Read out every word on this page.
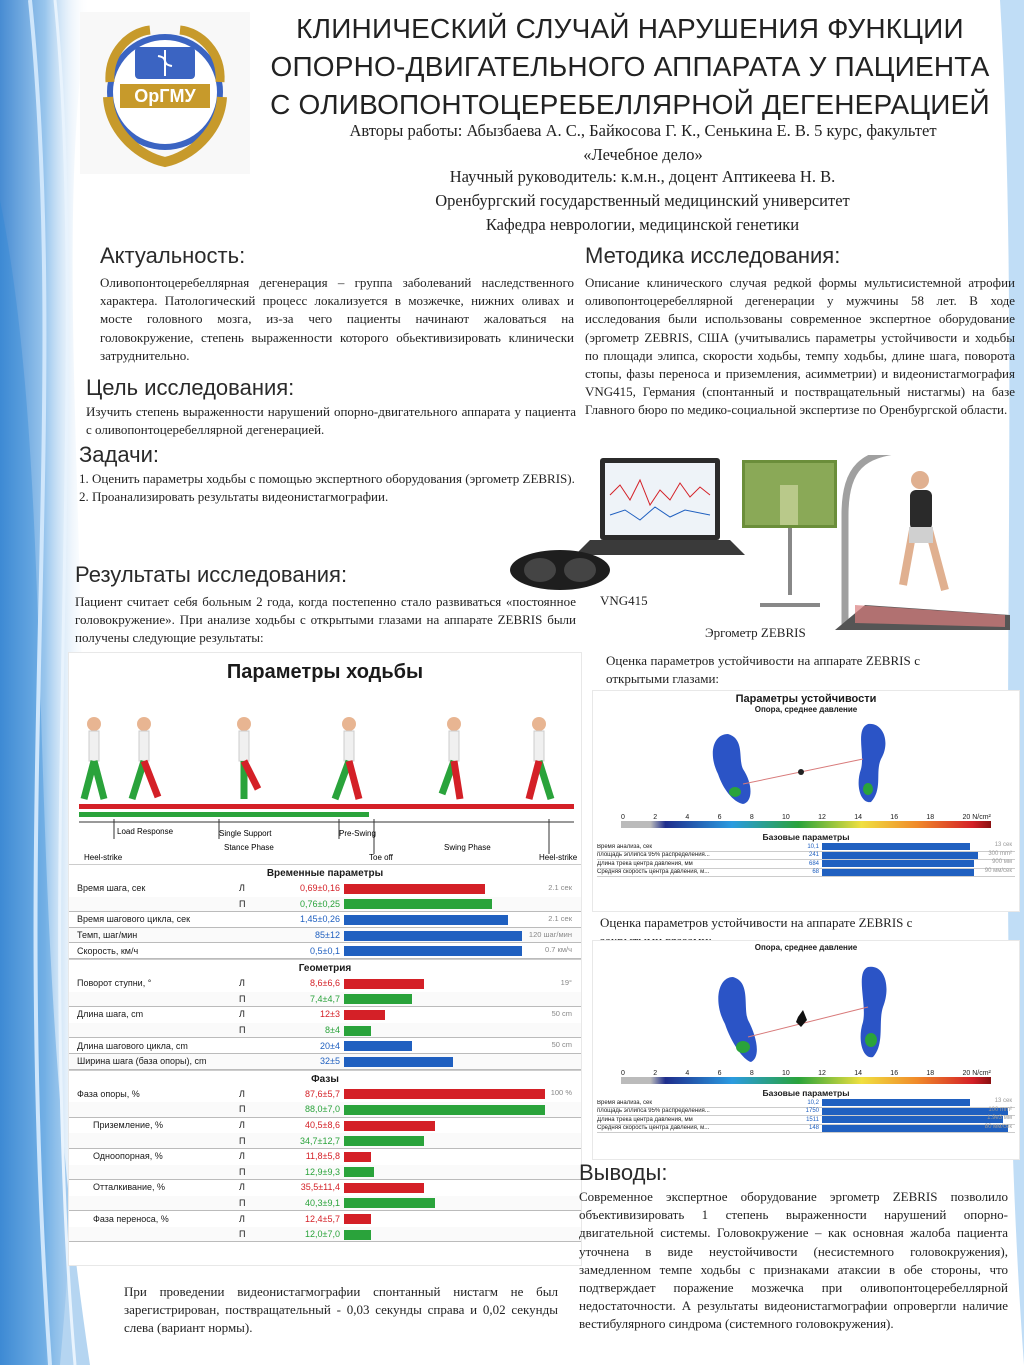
ОрГМУ
КЛИНИЧЕСКИЙ СЛУЧАЙ НАРУШЕНИЯ ФУНКЦИИ
ОПОРНО-ДВИГАТЕЛЬНОГО АППАРАТА У ПАЦИЕНТА
С ОЛИВОПОНТОЦЕРЕБЕЛЛЯРНОЙ ДЕГЕНЕРАЦИЕЙ
Авторы работы: Абызбаева А. С., Байкосова Г. К., Сенькина Е. В. 5 курс, факультет
«Лечебное дело»
Научный руководитель: к.м.н., доцент Аптикеева Н. В.
Оренбургский государственный медицинский университет
Кафедра неврологии, медицинской генетики
Актуальность:
Оливопонтоцеребеллярная дегенерация – группа заболеваний наследственного характера. Патологический процесс локализуется в мозжечке, нижних оливах и мосте головного мозга, из-за чего пациенты начинают жаловаться на головокружение, степень выраженности которого обьективизировать клинически затруднительно.
Цель исследования:
Изучить степень выраженности нарушений опорно-двигательного аппарата у пациента с оливопонтоцеребеллярной дегенерацией.
Задачи:
1. Оценить параметры ходьбы с помощью экспертного оборудования (эргометр ZEBRIS).
2. Проанализировать результаты видеонистагмографии.
Методика исследования:
Описание клинического случая редкой формы мультисистемной атрофии оливопонтоцеребеллярной дегенерации у мужчины 58 лет. В ходе исследования были использованы современное экспертное оборудование (эргометр ZEBRIS, США (учитывались параметры устойчивости и ходьбы по площади элипса, скорости ходьбы, темпу ходьбы, длине шага, поворота стопы, фазы переноса и приземления, асимметрии) и видеонистагмография VNG415, Германия (спонтанный и поствращательный нистагмы) на базе Главного бюро по медико-социальной экспертизе по Оренбургской области.
VNG415
Эргометр ZEBRIS
Результаты исследования:
Пациент считает себя больным 2 года, когда постепенно стало развиваться «постоянное головокружение». При анализе ходьбы с открытыми глазами на аппарате ZEBRIS были получены следующие результаты:
Параметры ходьбы
Load Response	Single Support	Pre-Swing
Stance Phase	Swing Phase
Heel-strike	Toe off	Heel-strike
Временные параметры
Время шага, сек	Л	0,69±0,16	2.1 сек
П	0,76±0,25
Время шагового цикла, сек	1,45±0,26	2.1 сек
Темп, шаг/мин	85±12	120 шаг/мин
Скорость, км/ч	0,5±0,1	0.7 км/ч
Геометрия
Поворот ступни, °	Л	8,6±6,6	19°
П	7,4±4,7
Длина шага, cm	Л	12±3	50 cm
П	8±4
Длина шагового цикла, cm	20±4	50 cm
Ширина шага (база опоры), cm	32±5
Фазы
Фаза опоры, %	Л	87,6±5,7	100 %
П	88,0±7,0
Приземление, %	Л	40,5±8,6
П	34,7±12,7
Одноопорная, %	Л	11,8±5,8
П	12,9±9,3
Отталкивание, %	Л	35,5±11,4
П	40,3±9,1
Фаза переноса, %	Л	12,4±5,7
П	12,0±7,0
При проведении видеонистагмографии спонтанный нистагм не был зарегистрирован, поствращательный - 0,03 секунды справа и 0,02 секунды слева (вариант нормы).
Оценка параметров устойчивости на аппарате ZEBRIS с открытыми глазами:
Параметры устойчивости
Опора, среднее давление
0	2	4	6	8	10	12	14	16	18	20 N/cm²
Базовые параметры
Время анализа, сек	10,1	13 сек
площадь эллипса 95% распределения...	241	300 mm²
Длина трека центра давления, мм	684	900 мм
Средняя скорость центра давления, м...	68	90 мм/сек
Оценка параметров устойчивости на аппарате ZEBRIS с
Опора, среднее давление
0	2	4	6	8	10	12	14	16	18	20 N/cm²
Базовые параметры
Время анализа, сек	10,2	13 сек
площадь эллипса 95% распределения...	1750	100 mm²
Длина трека центра давления, мм	1511	1.9e3 мм
Средняя скорость центра давления, м...	148	80 мм/сек
Выводы:
Современное экспертное оборудование эргометр ZEBRIS позволило объективизировать 1 степень выраженности нарушений опорно-двигательной системы. Головокружение – как основная жалоба пациента уточнена в виде неустойчивости (несистемного головокружения), замедленном темпе ходьбы с признаками атаксии в обе стороны, что подтверждает поражение мозжечка при оливопонтоцеребеллярной недостаточности. А результаты видеонистагмографии опровергли наличие вестибулярного синдрома (системного головокружения).
